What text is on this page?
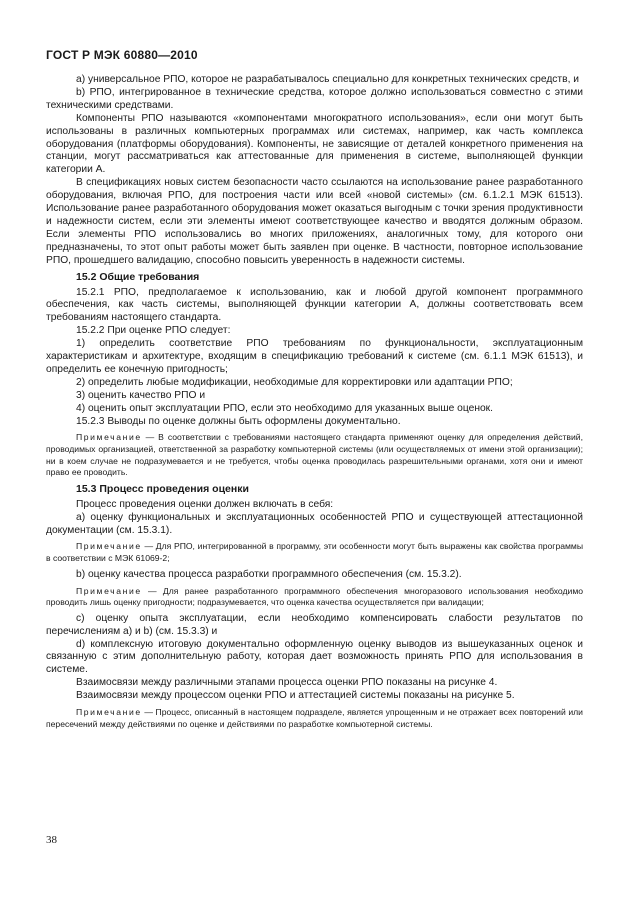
ГОСТ Р МЭК 60880—2010

a) универсальное РПО, которое не разрабатывалось специально для конкретных технических средств, и

b) РПО, интегрированное в технические средства, которое должно использоваться совместно с этими техническими средствами.

Компоненты РПО называются «компонентами многократного использования», если они могут быть использованы в различных компьютерных программах или системах, например, как часть комплекса оборудования (платформы оборудования). Компоненты, не зависящие от деталей конкретного применения на станции, могут рассматриваться как аттестованные для применения в системе, выполняющей функции категории А.

В спецификациях новых систем безопасности часто ссылаются на использование ранее разработанного оборудования, включая РПО, для построения части или всей «новой системы» (см. 6.1.2.1 МЭК 61513). Использование ранее разработанного оборудования может оказаться выгодным с точки зрения продуктивности и надежности систем, если эти элементы имеют соответствующее качество и вводятся должным образом. Если элементы РПО использовались во многих приложениях, аналогичных тому, для которого они предназначены, то этот опыт работы может быть заявлен при оценке. В частности, повторное использование РПО, прошедшего валидацию, способно повысить уверенность в надежности системы.

15.2 Общие требования

15.2.1 РПО, предполагаемое к использованию, как и любой другой компонент программного обеспечения, как часть системы, выполняющей функции категории А, должны соответствовать всем требованиям настоящего стандарта.

15.2.2 При оценке РПО следует:

1) определить соответствие РПО требованиям по функциональности, эксплуатационным характеристикам и архитектуре, входящим в спецификацию требований к системе (см. 6.1.1 МЭК 61513), и определить ее конечную пригодность;

2) определить любые модификации, необходимые для корректировки или адаптации РПО;

3) оценить качество РПО и

4) оценить опыт эксплуатации РПО, если это необходимо для указанных выше оценок.

15.2.3 Выводы по оценке должны быть оформлены документально.

Примечание — В соответствии с требованиями настоящего стандарта применяют оценку для определения действий, проводимых организацией, ответственной за разработку компьютерной системы (или осуществляемых от имени этой организации); ни в коем случае не подразумевается и не требуется, чтобы оценка проводилась разрешительными органами, хотя они и имеют право ее проводить.

15.3 Процесс проведения оценки

Процесс проведения оценки должен включать в себя:

a) оценку функциональных и эксплуатационных особенностей РПО и существующей аттестационной документации (см. 15.3.1).

Примечание — Для РПО, интегрированной в программу, эти особенности могут быть выражены как свойства программы в соответствии с МЭК 61069-2;

b) оценку качества процесса разработки программного обеспечения (см. 15.3.2).

Примечание — Для ранее разработанного программного обеспечения многоразового использования необходимо проводить лишь оценку пригодности; подразумевается, что оценка качества осуществляется при валидации;

c) оценку опыта эксплуатации, если необходимо компенсировать слабости результатов по перечислениям a) и b) (см. 15.3.3) и

d) комплексную итоговую документально оформленную оценку выводов из вышеуказанных оценок и связанную с этим дополнительную работу, которая дает возможность принять РПО для использования в системе.

Взаимосвязи между различными этапами процесса оценки РПО показаны на рисунке 4.

Взаимосвязи между процессом оценки РПО и аттестацией системы показаны на рисунке 5.

Примечание — Процесс, описанный в настоящем подразделе, является упрощенным и не отражает всех повторений или пересечений между действиями по оценке и действиями по разработке компьютерной системы.

38
